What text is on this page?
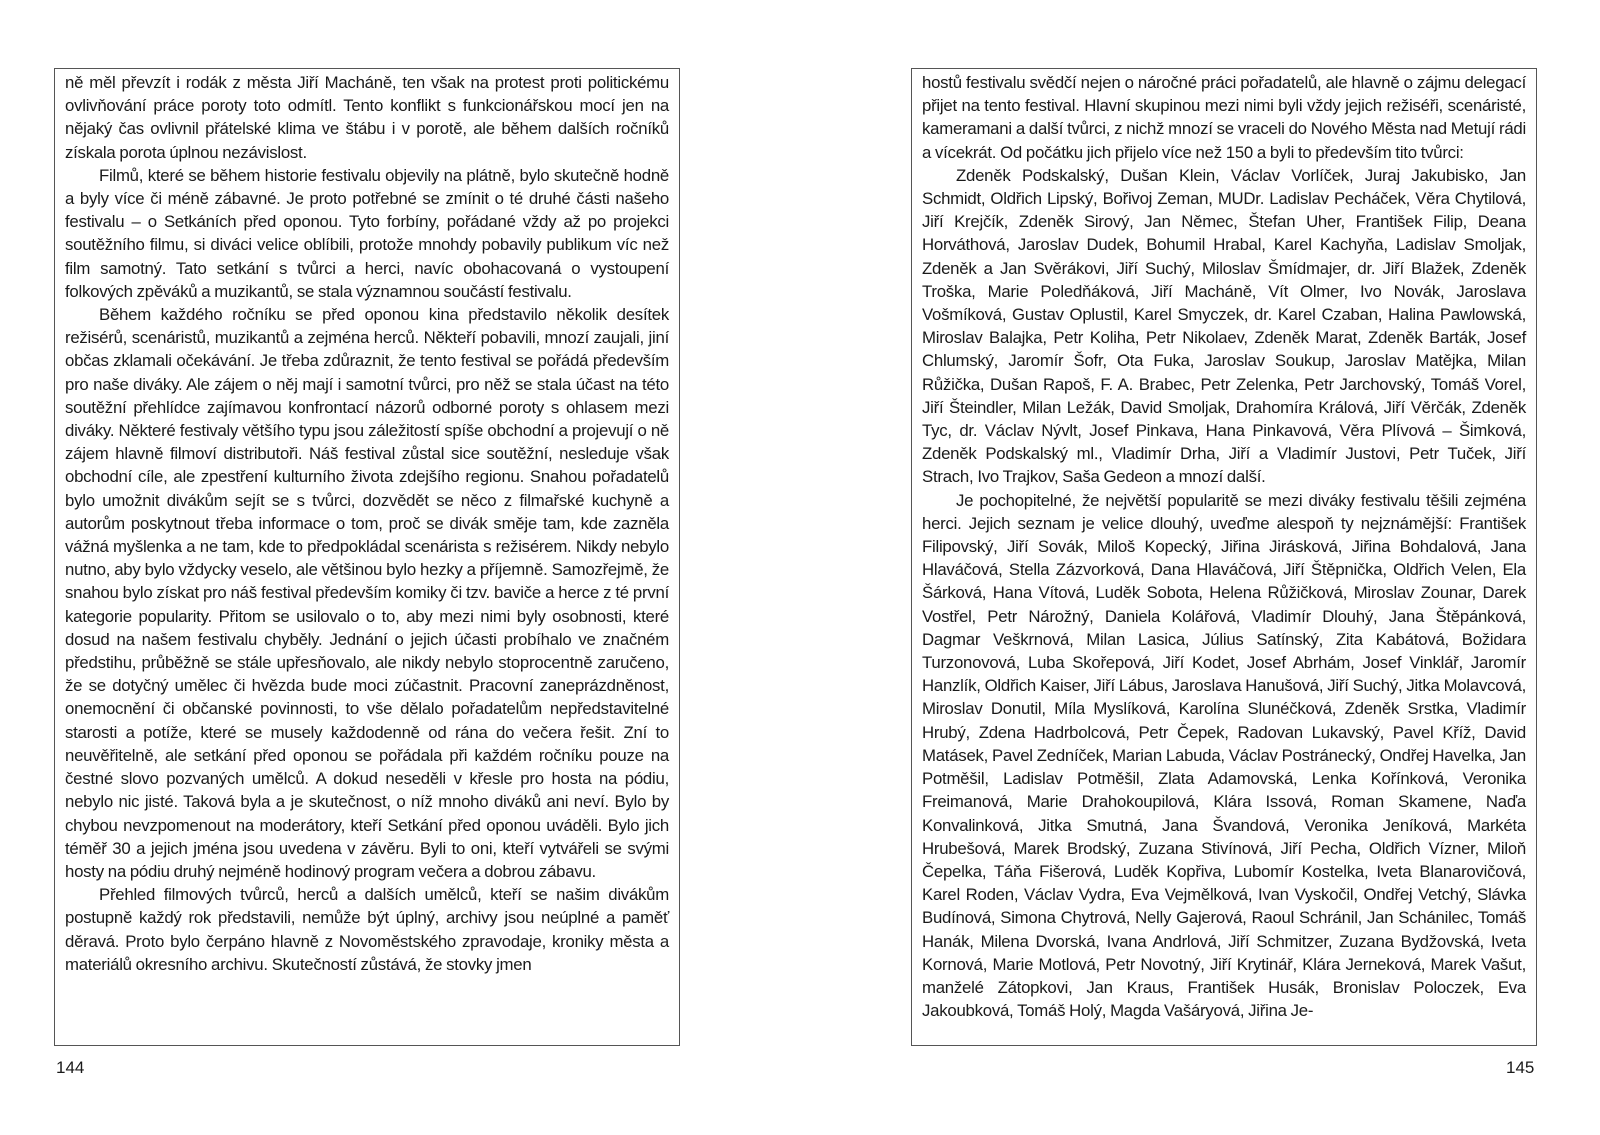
ně měl převzít i rodák z města Jiří Macháně, ten však na protest proti politickému ovlivňování práce poroty toto odmítl. Tento konflikt s funkcionářskou mocí jen na nějaký čas ovlivnil přátelské klima ve štábu i v porotě, ale během dalších ročníků získala porota úplnou nezávislost.

Filmů, které se během historie festivalu objevily na plátně, bylo skutečně hodně a byly více či méně zábavné. Je proto potřebné se zmínit o té druhé části našeho festivalu – o Setkáních před oponou. Tyto forbíny, pořádané vždy až po projekci soutěžního filmu, si diváci velice oblíbili, protože mnohdy pobavily publikum víc než film samotný. Tato setkání s tvůrci a herci, navíc obohacovaná o vystoupení folkových zpěváků a muzikantů, se stala významnou součástí festivalu.

Během každého ročníku se před oponou kina představilo několik desítek režisérů, scenáristů, muzikantů a zejména herců. Někteří pobavili, mnozí zaujali, jiní občas zklamali očekávání. Je třeba zdůraznit, že tento festival se pořádá především pro naše diváky. Ale zájem o něj mají i samotní tvůrci, pro něž se stala účast na této soutěžní přehlídce zajímavou konfrontací názorů odborné poroty s ohlasem mezi diváky. Některé festivaly většího typu jsou záležitostí spíše obchodní a projevují o ně zájem hlavně filmoví distributoři. Náš festival zůstal sice soutěžní, nesleduje však obchodní cíle, ale zpestření kulturního života zdejšího regionu. Snahou pořadatelů bylo umožnit divákům sejít se s tvůrci, dozvědět se něco z filmařské kuchyně a autorům poskytnout třeba informace o tom, proč se divák směje tam, kde zazněla vážná myšlenka a ne tam, kde to předpokládal scenárista s režisérem. Nikdy nebylo nutno, aby bylo vždycky veselo, ale většinou bylo hezky a příjemně. Samozřejmě, že snahou bylo získat pro náš festival především komiky či tzv. baviče a herce z té první kategorie popularity. Přitom se usilovalo o to, aby mezi nimi byly osobnosti, které dosud na našem festivalu chyběly. Jednání o jejich účasti probíhalo ve značném předstihu, průběžně se stále upřesňovalo, ale nikdy nebylo stoprocentně zaručeno, že se dotyčný umělec či hvězda bude moci zúčastnit. Pracovní zaneprázdněnost, onemocnění či občanské povinnosti, to vše dělalo pořadatelům nepředstavitelné starosti a potíže, které se musely každodenně od rána do večera řešit. Zní to neuvěřitelně, ale setkání před oponou se pořádala při každém ročníku pouze na čestné slovo pozvaných umělců. A dokud neseděli v křesle pro hosta na pódiu, nebylo nic jisté. Taková byla a je skutečnost, o níž mnoho diváků ani neví. Bylo by chybou nevzpomenout na moderátory, kteří Setkání před oponou uváděli. Bylo jich téměř 30 a jejich jména jsou uvedena v závěru. Byli to oni, kteří vytvářeli se svými hosty na pódiu druhý nejméně hodinový program večera a dobrou zábavu.

Přehled filmových tvůrců, herců a dalších umělců, kteří se našim divákům postupně každý rok představili, nemůže být úplný, archivy jsou neúplné a paměť děravá. Proto bylo čerpáno hlavně z Novoměstského zpravodaje, kroniky města a materiálů okresního archivu. Skutečností zůstává, že stovky jmen

hostů festivalu svědčí nejen o náročné práci pořadatelů, ale hlavně o zájmu delegací přijet na tento festival. Hlavní skupinou mezi nimi byli vždy jejich režiséři, scenáristé, kameramani a další tvůrci, z nichž mnozí se vraceli do Nového Města nad Metují rádi a vícekrát. Od počátku jich přijelo více než 150 a byli to především tito tvůrci:

Zdeněk Podskalský, Dušan Klein, Václav Vorlíček, Juraj Jakubisko, Jan Schmidt, Oldřich Lipský, Bořivoj Zeman, MUDr. Ladislav Pecháček, Věra Chytilová, Jiří Krejčík, Zdeněk Sirový, Jan Němec, Štefan Uher, František Filip, Deana Horváthová, Jaroslav Dudek, Bohumil Hrabal, Karel Kachyňa, Ladislav Smoljak, Zdeněk a Jan Svěrákovi, Jiří Suchý, Miloslav Šmídmajer, dr. Jiří Blažek, Zdeněk Troška, Marie Poledňáková, Jiří Macháně, Vít Olmer, Ivo Novák, Jaroslava Vošmíková, Gustav Oplustil, Karel Smyczek, dr. Karel Czaban, Halina Pawlowská, Miroslav Balajka, Petr Koliha, Petr Nikolaev, Zdeněk Marat, Zdeněk Barták, Josef Chlumský, Jaromír Šofr, Ota Fuka, Jaroslav Soukup, Jaroslav Matějka, Milan Růžička, Dušan Rapoš, F. A. Brabec, Petr Zelenka, Petr Jarchovský, Tomáš Vorel, Jiří Šteindler, Milan Ležák, David Smoljak, Drahomíra Králová, Jiří Věrčák, Zdeněk Tyc, dr. Václav Nývlt, Josef Pinkava, Hana Pinkavová, Věra Plívová – Šimková, Zdeněk Podskalský ml., Vladimír Drha, Jiří a Vladimír Justovi, Petr Tuček, Jiří Strach, Ivo Trajkov, Saša Gedeon a mnozí další.

Je pochopitelné, že největší popularitě se mezi diváky festivalu těšili zejména herci. Jejich seznam je velice dlouhý, uveďme alespoň ty nejznámější: František Filipovský, Jiří Sovák, Miloš Kopecký, Jiřina Jirásková, Jiřina Bohdalová, Jana Hlaváčová, Stella Zázvorková, Dana Hlaváčová, Jiří Štěpnička, Oldřich Velen, Ela Šárková, Hana Vítová, Luděk Sobota, Helena Růžičková, Miroslav Zounar, Darek Vostřel, Petr Nárožný, Daniela Kolářová, Vladimír Dlouhý, Jana Štěpánková, Dagmar Veškrnová, Milan Lasica, Július Satínský, Zita Kabátová, Božidara Turzonovová, Luba Skořepová, Jiří Kodet, Josef Abrhám, Josef Vinklář, Jaromír Hanzlík, Oldřich Kaiser, Jiří Lábus, Jaroslava Hanušová, Jiří Suchý, Jitka Molavcová, Miroslav Donutil, Míla Myslíková, Karolína Slunéčková, Zdeněk Srstka, Vladimír Hrubý, Zdena Hadrbolcová, Petr Čepek, Radovan Lukavský, Pavel Kříž, David Matásek, Pavel Zedníček, Marian Labuda, Václav Postránecký, Ondřej Havelka, Jan Potměšil, Ladislav Potměšil, Zlata Adamovská, Lenka Kořínková, Veronika Freimanová, Marie Drahokoupilová, Klára Issová, Roman Skamene, Naďa Konvalinková, Jitka Smutná, Jana Švandová, Veronika Jeníková, Markéta Hrubešová, Marek Brodský, Zuzana Stivínová, Jiří Pecha, Oldřich Vízner, Miloň Čepelka, Táňa Fišerová, Luděk Kopřiva, Lubomír Kostelka, Iveta Blanarovičová, Karel Roden, Václav Vydra, Eva Vejmělková, Ivan Vyskočil, Ondřej Vetchý, Slávka Budínová, Simona Chytrová, Nelly Gajerová, Raoul Schránil, Jan Schánilec, Tomáš Hanák, Milena Dvorská, Ivana Andrlová, Jiří Schmitzer, Zuzana Bydžovská, Iveta Kornová, Marie Motlová, Petr Novotný, Jiří Krytinář, Klára Jerneková, Marek Vašut, manželé Zátopkovi, Jan Kraus, František Husák, Bronislav Poloczek, Eva Jakoubková, Tomáš Holý, Magda Vašáryová, Jiřina Je-

144	145
